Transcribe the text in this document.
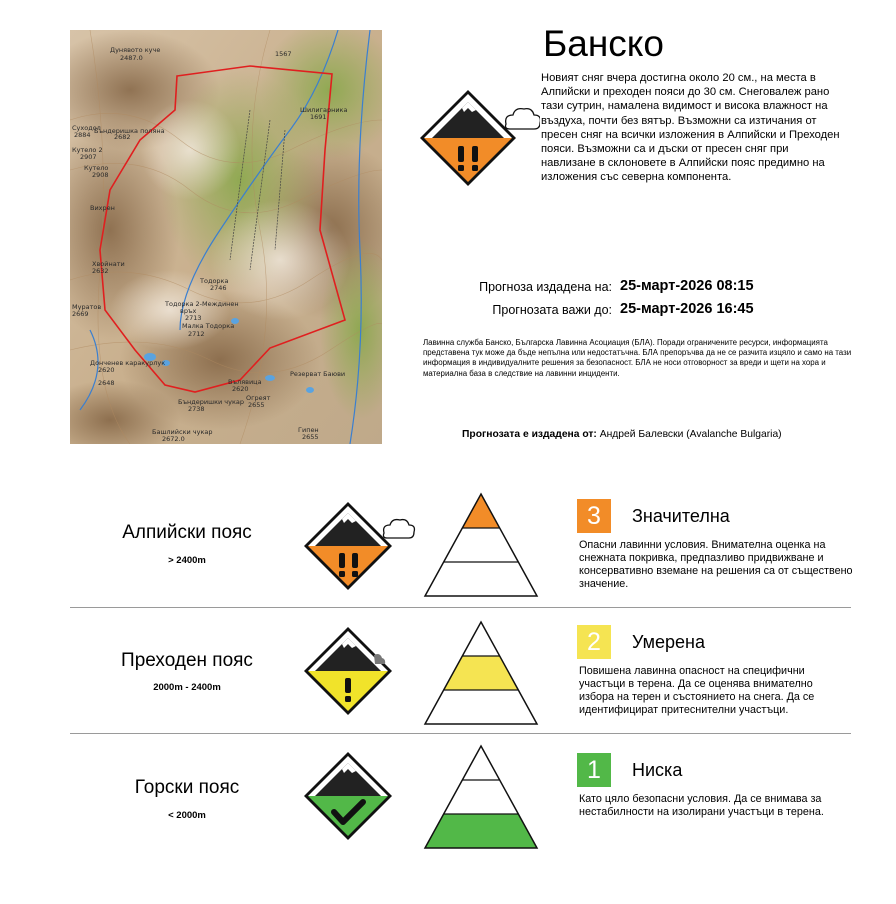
Дунявото куче
2487.0	1567
Тодорка
2746
Тодорка 2-Междинен
връх
2713
Малка Тодорка
2712
Хвойнати
2632
Вихрен
Кутело 2
2907
Кутело
2908
Бъндеришки чукар
2738
Вълявица
2620
Муратов
2669
Донченев каракурлук
2620
2648
Башлийски чукар
2672.0
Резерват Баюви
Шилигарника
1691
Суходол
2884 Бъндеришка поляна
2682
Гипен
2655
Огреят
2655
Банско
Новият сняг вчера достигна около 20 см., на места в Алпийски и преходен пояси до 30 см. Снеговалеж рано тази сутрин, намалена видимост и висока влажност на въздуха, почти без вятър. Възможни са изтичания от пресен сняг на всички изложения в Алпийски и Преходен пояси. Възможни са и дъски от пресен сняг при навлизане в склоновете в Алпийски пояс предимно на изложения със северна компонента.
Прогноза издадена на: 25-март-2026 08:15
Прогнозата важи до: 25-март-2026 16:45
Лавинна служба Банско, Българска Лавинна Асоциация (БЛА). Поради ограничените ресурси, информацията представена тук може да бъде непълна или недостатъчна. БЛА препоръчва да не се разчита изцяло и само на тази информация в индивидуалните решения за безопасност. БЛА не носи отговорност за вреди и щети на хора и материална база в следствие на лавинни инциденти.
Прогнозата е издадена от: Андрей Балевски (Avalanche Bulgaria)
Алпийски пояс
> 2400m
3	Значителна
Опасни лавинни условия. Внимателна оценка на снежната покривка, предпазливо придвижване и консервативно вземане на решения са от съществено значение.
Преходен пояс
2000m - 2400m
2	Умерена
Повишена лавинна опасност на специфични участъци в терена. Да се оценява внимателно избора на терен и състоянието на снега. Да се идентифицират притеснителни участъци.
Горски пояс
< 2000m
1	Ниска
Като цяло безопасни условия. Да се внимава за нестабилности на изолирани участъци в терена.
